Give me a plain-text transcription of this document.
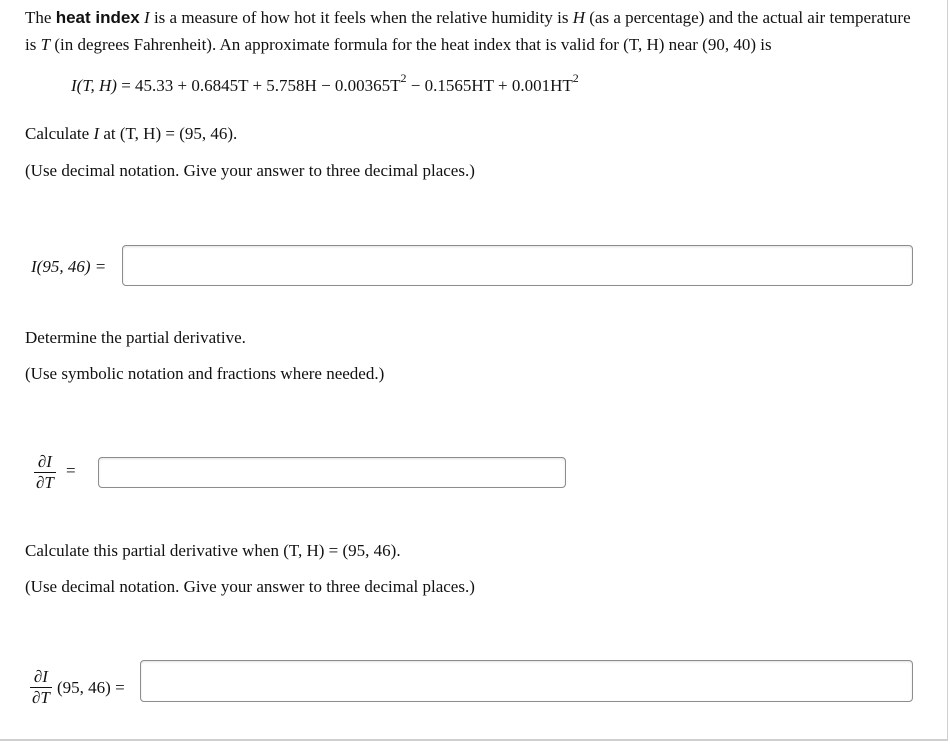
The heat index I is a measure of how hot it feels when the relative humidity is H (as a percentage) and the actual air temperature is T (in degrees Fahrenheit). An approximate formula for the heat index that is valid for (T, H) near (90, 40) is
I(T, $H) = 45.33 + 0.6845T + 5.758H - 0.00365T^2 - 0.1565HT + 0.001HT^2$
Calculate I at (T, H) = (95, 46).
(Use decimal notation. Give your answer to three decimal places.)
I(95, 46) =
Determine the partial derivative.
(Use symbolic notation and fractions where needed.)
$\frac{\partial I}{\partial T}$ =
Calculate this partial derivative when (T, H) = (95, 46).
(Use decimal notation. Give your answer to three decimal places.)
$\frac{\partial I}{\partial T} (95$, 46) =
